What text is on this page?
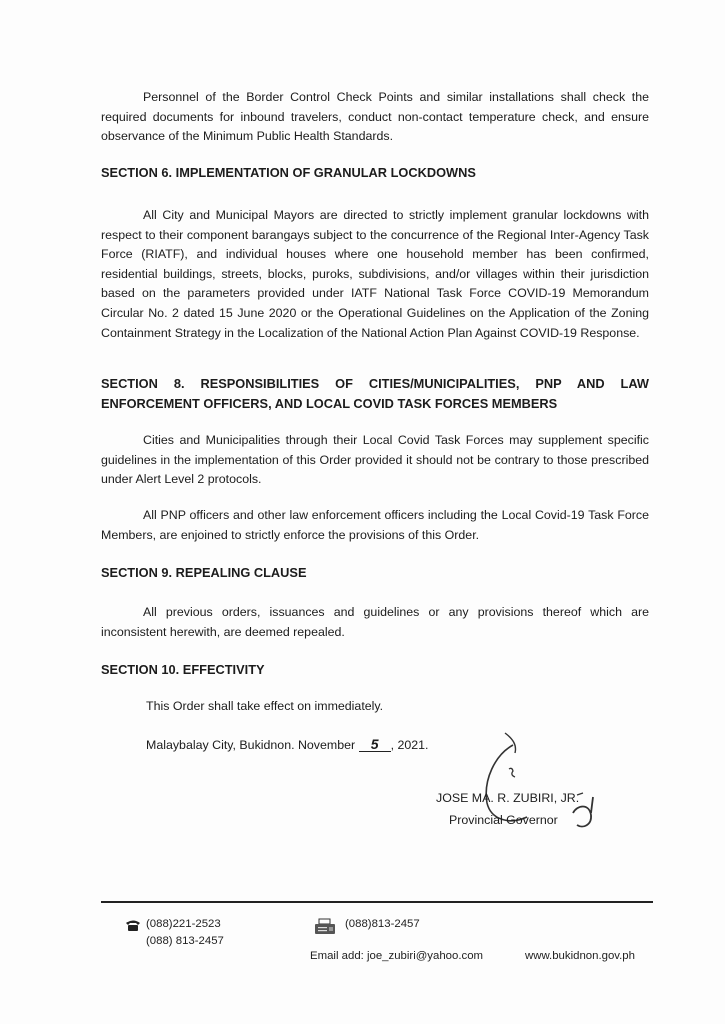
Personnel of the Border Control Check Points and similar installations shall check the required documents for inbound travelers, conduct non-contact temperature check, and ensure observance of the Minimum Public Health Standards.

SECTION 6. IMPLEMENTATION OF GRANULAR LOCKDOWNS

All City and Municipal Mayors are directed to strictly implement granular lockdowns with respect to their component barangays subject to the concurrence of the Regional Inter-Agency Task Force (RIATF), and individual houses where one household member has been confirmed, residential buildings, streets, blocks, puroks, subdivisions, and/or villages within their jurisdiction based on the parameters provided under IATF National Task Force COVID-19 Memorandum Circular No. 2 dated 15 June 2020 or the Operational Guidelines on the Application of the Zoning Containment Strategy in the Localization of the National Action Plan Against COVID-19 Response.

SECTION 8. RESPONSIBILITIES OF CITIES/MUNICIPALITIES, PNP AND LAW ENFORCEMENT OFFICERS, AND LOCAL COVID TASK FORCES MEMBERS

Cities and Municipalities through their Local Covid Task Forces may supplement specific guidelines in the implementation of this Order provided it should not be contrary to those prescribed under Alert Level 2 protocols.

All PNP officers and other law enforcement officers including the Local Covid-19 Task Force Members, are enjoined to strictly enforce the provisions of this Order.

SECTION 9. REPEALING CLAUSE

All previous orders, issuances and guidelines or any provisions thereof which are inconsistent herewith, are deemed repealed.

SECTION 10. EFFECTIVITY

This Order shall take effect on immediately.
Malaybalay City, Bukidnon. November 5 , 2021.
JOSE MA. R. ZUBIRI, JR.
Provincial Governor
(088)221-2523
(088) 813-2457
(088)813-2457
Email add: joe_zubiri@yahoo.com	www.bukidnon.gov.ph
